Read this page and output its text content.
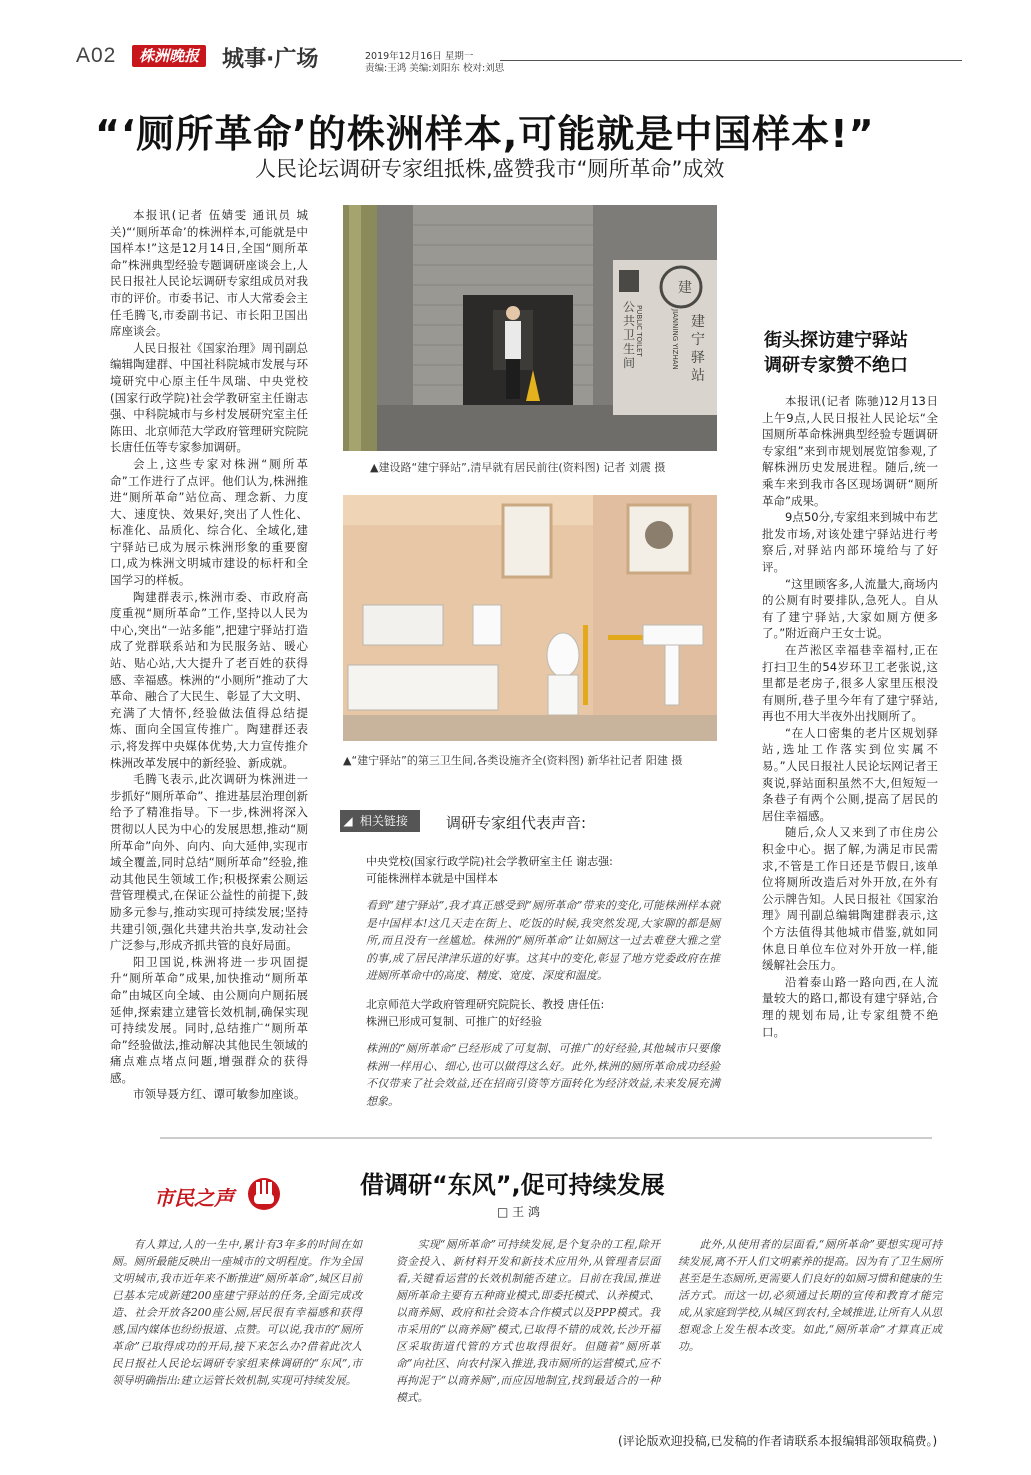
A02	株洲晚报	城事·广场	2019年12月16日 星期一
责编:王鸿 美编:刘阳东 校对:刘思
“‘厕所革命’的株洲样本,可能就是中国样本!”
人民论坛调研专家组抵株,盛赞我市“厕所革命”成效

本报讯(记者 伍婧雯 通讯员 城关)“‘厕所革命’的株洲样本,可能就是中国样本!”这是12月14日,全国“厕所革命”株洲典型经验专题调研座谈会上,人民日报社人民论坛调研专家组成员对我市的评价。市委书记、市人大常委会主任毛腾飞,市委副书记、市长阳卫国出席座谈会。

人民日报社《国家治理》周刊副总编辑陶建群、中国社科院城市发展与环境研究中心原主任牛凤瑞、中央党校(国家行政学院)社会学教研室主任谢志强、中科院城市与乡村发展研究室主任陈田、北京师范大学政府管理研究院院长唐任伍等专家参加调研。

会上,这些专家对株洲“厕所革命”工作进行了点评。他们认为,株洲推进“厕所革命”站位高、理念新、力度大、速度快、效果好,突出了人性化、标准化、品质化、综合化、全域化,建宁驿站已成为展示株洲形象的重要窗口,成为株洲文明城市建设的标杆和全国学习的样板。

陶建群表示,株洲市委、市政府高度重视“厕所革命”工作,坚持以人民为中心,突出“一站多能”,把建宁驿站打造成了党群联系站和为民服务站、暖心站、贴心站,大大提升了老百姓的获得感、幸福感。株洲的“小厕所”推动了大革命、融合了大民生、彰显了大文明、充满了大情怀,经验做法值得总结提炼、面向全国宣传推广。陶建群还表示,将发挥中央媒体优势,大力宣传推介株洲改革发展中的新经验、新成就。

毛腾飞表示,此次调研为株洲进一步抓好“厕所革命”、推进基层治理创新给予了精准指导。下一步,株洲将深入贯彻以人民为中心的发展思想,推动“厕所革命”向外、向内、向大延伸,实现市域全覆盖,同时总结“厕所革命”经验,推动其他民生领域工作;积极探索公厕运营管理模式,在保证公益性的前提下,鼓励多元参与,推动实现可持续发展;坚持共建引领,强化共建共治共享,发动社会广泛参与,形成齐抓共管的良好局面。

阳卫国说,株洲将进一步巩固提升“厕所革命”成果,加快推动“厕所革命”由城区向全域、由公厕向户厕拓展延伸,探索建立建管长效机制,确保实现可持续发展。同时,总结推广“厕所革命”经验做法,推动解决其他民生领域的痛点难点堵点问题,增强群众的获得感。

市领导聂方红、谭可敏参加座谈。

建
公共卫生间
PUBLIC TOILET	建宁驿站
JIANNING YIZHAN
▲建设路“建宁驿站”,清早就有居民前往(资料图) 记者 刘震 摄
▲“建宁驿站”的第三卫生间,各类设施齐全(资料图) 新华社记者 阳建 摄
街头探访建宁驿站
调研专家赞不绝口

本报讯(记者 陈驰)12月13日上午9点,人民日报社人民论坛“全国厕所革命株洲典型经验专题调研专家组”来到市规划展览馆参观,了解株洲历史发展进程。随后,统一乘车来到我市各区现场调研“厕所革命”成果。

9点50分,专家组来到城中布艺批发市场,对该处建宁驿站进行考察后,对驿站内部环境给与了好评。

“这里顾客多,人流量大,商场内的公厕有时要排队,急死人。自从有了建宁驿站,大家如厕方便多了。”附近商户王女士说。

在芦淞区幸福巷幸福村,正在打扫卫生的54岁环卫工老张说,这里都是老房子,很多人家里压根没有厕所,巷子里今年有了建宁驿站,再也不用大半夜外出找厕所了。

“在人口密集的老片区规划驿站,选址工作落实到位实属不易。”人民日报社人民论坛网记者王爽说,驿站面积虽然不大,但短短一条巷子有两个公厕,提高了居民的居住幸福感。

随后,众人又来到了市住房公积金中心。据了解,为满足市民需求,不管是工作日还是节假日,该单位将厕所改造后对外开放,在外有公示牌告知。人民日报社《国家治理》周刊副总编辑陶建群表示,这个方法值得其他城市借鉴,就如同休息日单位车位对外开放一样,能缓解社会压力。

沿着泰山路一路向西,在人流量较大的路口,都设有建宁驿站,合理的规划布局,让专家组赞不绝口。

◢ 相关链接	调研专家组代表声音:
中央党校(国家行政学院)社会学教研室主任 谢志强:
可能株洲样本就是中国样本
看到“建宁驿站”,我才真正感受到“厕所革命”带来的变化,可能株洲样本就是中国样本!这几天走在街上、吃饭的时候,我突然发现,大家聊的都是厕所,而且没有一丝尴尬。株洲的“厕所革命”让如厕这一过去难登大雅之堂的事,成了居民津津乐道的好事。这其中的变化,彰显了地方党委政府在推进厕所革命中的高度、精度、宽度、深度和温度。
北京师范大学政府管理研究院院长、教授 唐任伍:
株洲已形成可复制、可推广的好经验
株洲的“厕所革命”已经形成了可复制、可推广的好经验,其他城市只要像株洲一样用心、细心,也可以做得这么好。此外,株洲的厕所革命成功经验不仅带来了社会效益,还在招商引资等方面转化为经济效益,未来发展充满想象。
市民之声	借调研“东风”,促可持续发展
□ 王 鸿

有人算过,人的一生中,累计有3年多的时间在如厕。厕所最能反映出一座城市的文明程度。作为全国文明城市,我市近年来不断推进“厕所革命”,城区目前已基本完成新建200座建宁驿站的任务,全面完成改造、社会开放各200座公厕,居民很有幸福感和获得感,国内媒体也纷纷报道、点赞。可以说,我市的“厕所革命”已取得成功的开局,接下来怎么办?借着此次人民日报社人民论坛调研专家组来株调研的“东风”,市领导明确指出:建立运管长效机制,实现可持续发展。

实现“厕所革命”可持续发展,是个复杂的工程,除开资金投入、新材料开发和新技术应用外,从管理者层面看,关键看运营的长效机制能否建立。目前在我国,推进厕所革命主要有五种商业模式,即委托模式、认养模式、以商养厕、政府和社会资本合作模式以及PPP模式。我市采用的“以商养厕”模式,已取得不错的成效,长沙开福区采取街道代管的方式也取得很好。但随着“厕所革命”向社区、向农村深入推进,我市厕所的运营模式,应不再拘泥于“以商养厕”,而应因地制宜,找到最适合的一种模式。

此外,从使用者的层面看,“厕所革命”要想实现可持续发展,离不开人们文明素养的提高。因为有了卫生厕所甚至是生态厕所,更需要人们良好的如厕习惯和健康的生活方式。而这一切,必须通过长期的宣传和教育才能完成,从家庭到学校,从城区到农村,全域推进,让所有人从思想观念上发生根本改变。如此,“厕所革命”才算真正成功。

(评论版欢迎投稿,已发稿的作者请联系本报编辑部领取稿费。)
